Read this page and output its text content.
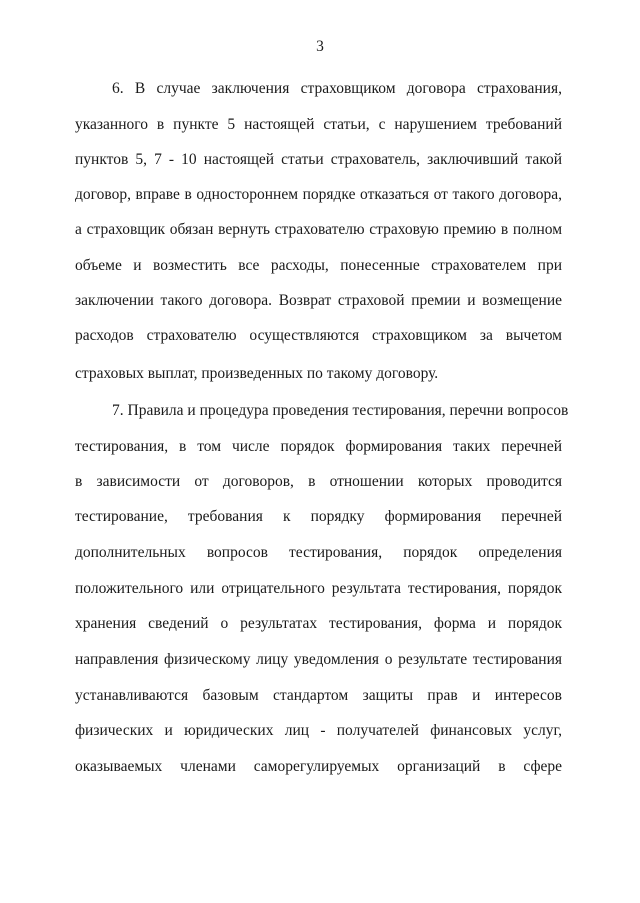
3
6. В случае заключения страховщиком договора страхования,
указанного в пункте 5 настоящей статьи, с нарушением требований
пунктов 5, 7 - 10 настоящей статьи страхователь, заключивший такой
договор, вправе в одностороннем порядке отказаться от такого договора,
а страховщик обязан вернуть страхователю страховую премию в полном
объеме и возместить все расходы, понесенные страхователем при
заключении такого договора. Возврат страховой премии и возмещение
расходов страхователю осуществляются страховщиком за вычетом
страховых выплат, произведенных по такому договору.
7. Правила и процедура проведения тестирования, перечни вопросов
тестирования, в том числе порядок формирования таких перечней
в зависимости от договоров, в отношении которых проводится
тестирование, требования к порядку формирования перечней
дополнительных вопросов тестирования, порядок определения
положительного или отрицательного результата тестирования, порядок
хранения сведений о результатах тестирования, форма и порядок
направления физическому лицу уведомления о результате тестирования
устанавливаются базовым стандартом защиты прав и интересов
физических и юридических лиц - получателей финансовых услуг,
оказываемых членами саморегулируемых организаций в сфере
